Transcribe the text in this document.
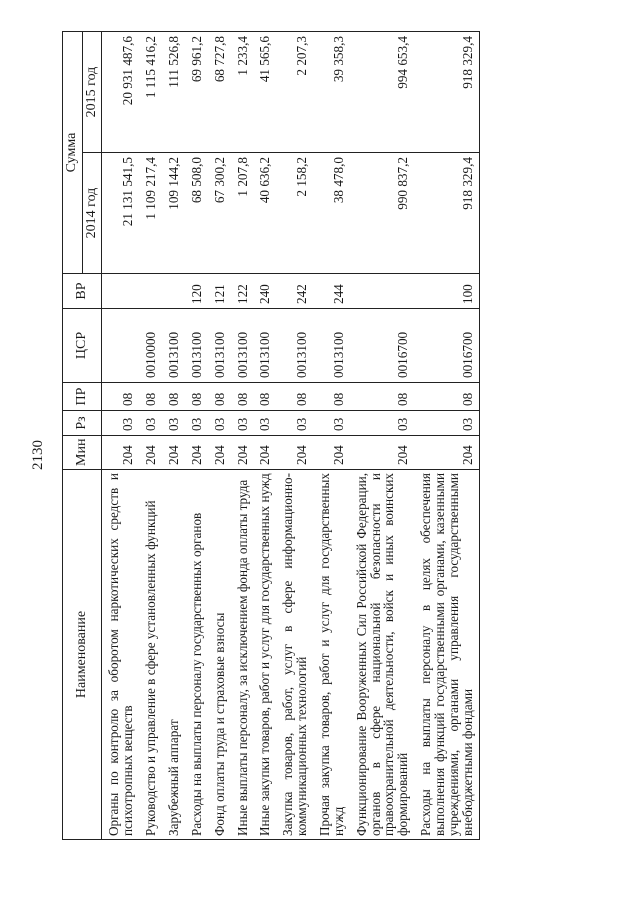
2130
Наименование	Мин	Рз	ПР	ЦСР	ВР	Сумма	
						2014 год	2015 год
Органы по контролю за оборотом наркотических средств и психотропных веществ	204	03	08			21 131 541,5	20 931 487,6
Руководство и управление в сфере установленных функций	204	03	08	0010000		1 109 217,4	1 115 416,2
Зарубежный аппарат	204	03	08	0013100		109 144,2	111 526,8
Расходы на выплаты персоналу государственных органов	204	03	08	0013100	120	68 508,0	69 961,2
Фонд оплаты труда и страховые взносы	204	03	08	0013100	121	67 300,2	68 727,8
Иные выплаты персоналу, за исключением фонда оплаты труда	204	03	08	0013100	122	1 207,8	1 233,4
Иные закупки товаров, работ и услуг для государственных нужд	204	03	08	0013100	240	40 636,2	41 565,6
Закупка товаров, работ, услуг в сфере информационно-коммуникационных технологий	204	03	08	0013100	242	2 158,2	2 207,3
Прочая закупка товаров, работ и услуг для государственных нужд	204	03	08	0013100	244	38 478,0	39 358,3
Функционирование Вооруженных Сил Российской Федерации, органов в сфере национальной безопасности и правоохранительной деятельности, войск и иных воинских формирований	204	03	08	0016700		990 837,2	994 653,4
Расходы на выплаты персоналу в целях обеспечения выполнения функций государственными органами, казенными учреждениями, органами управления государственными внебюджетными фондами	204	03	08	0016700	100	918 329,4	918 329,4
